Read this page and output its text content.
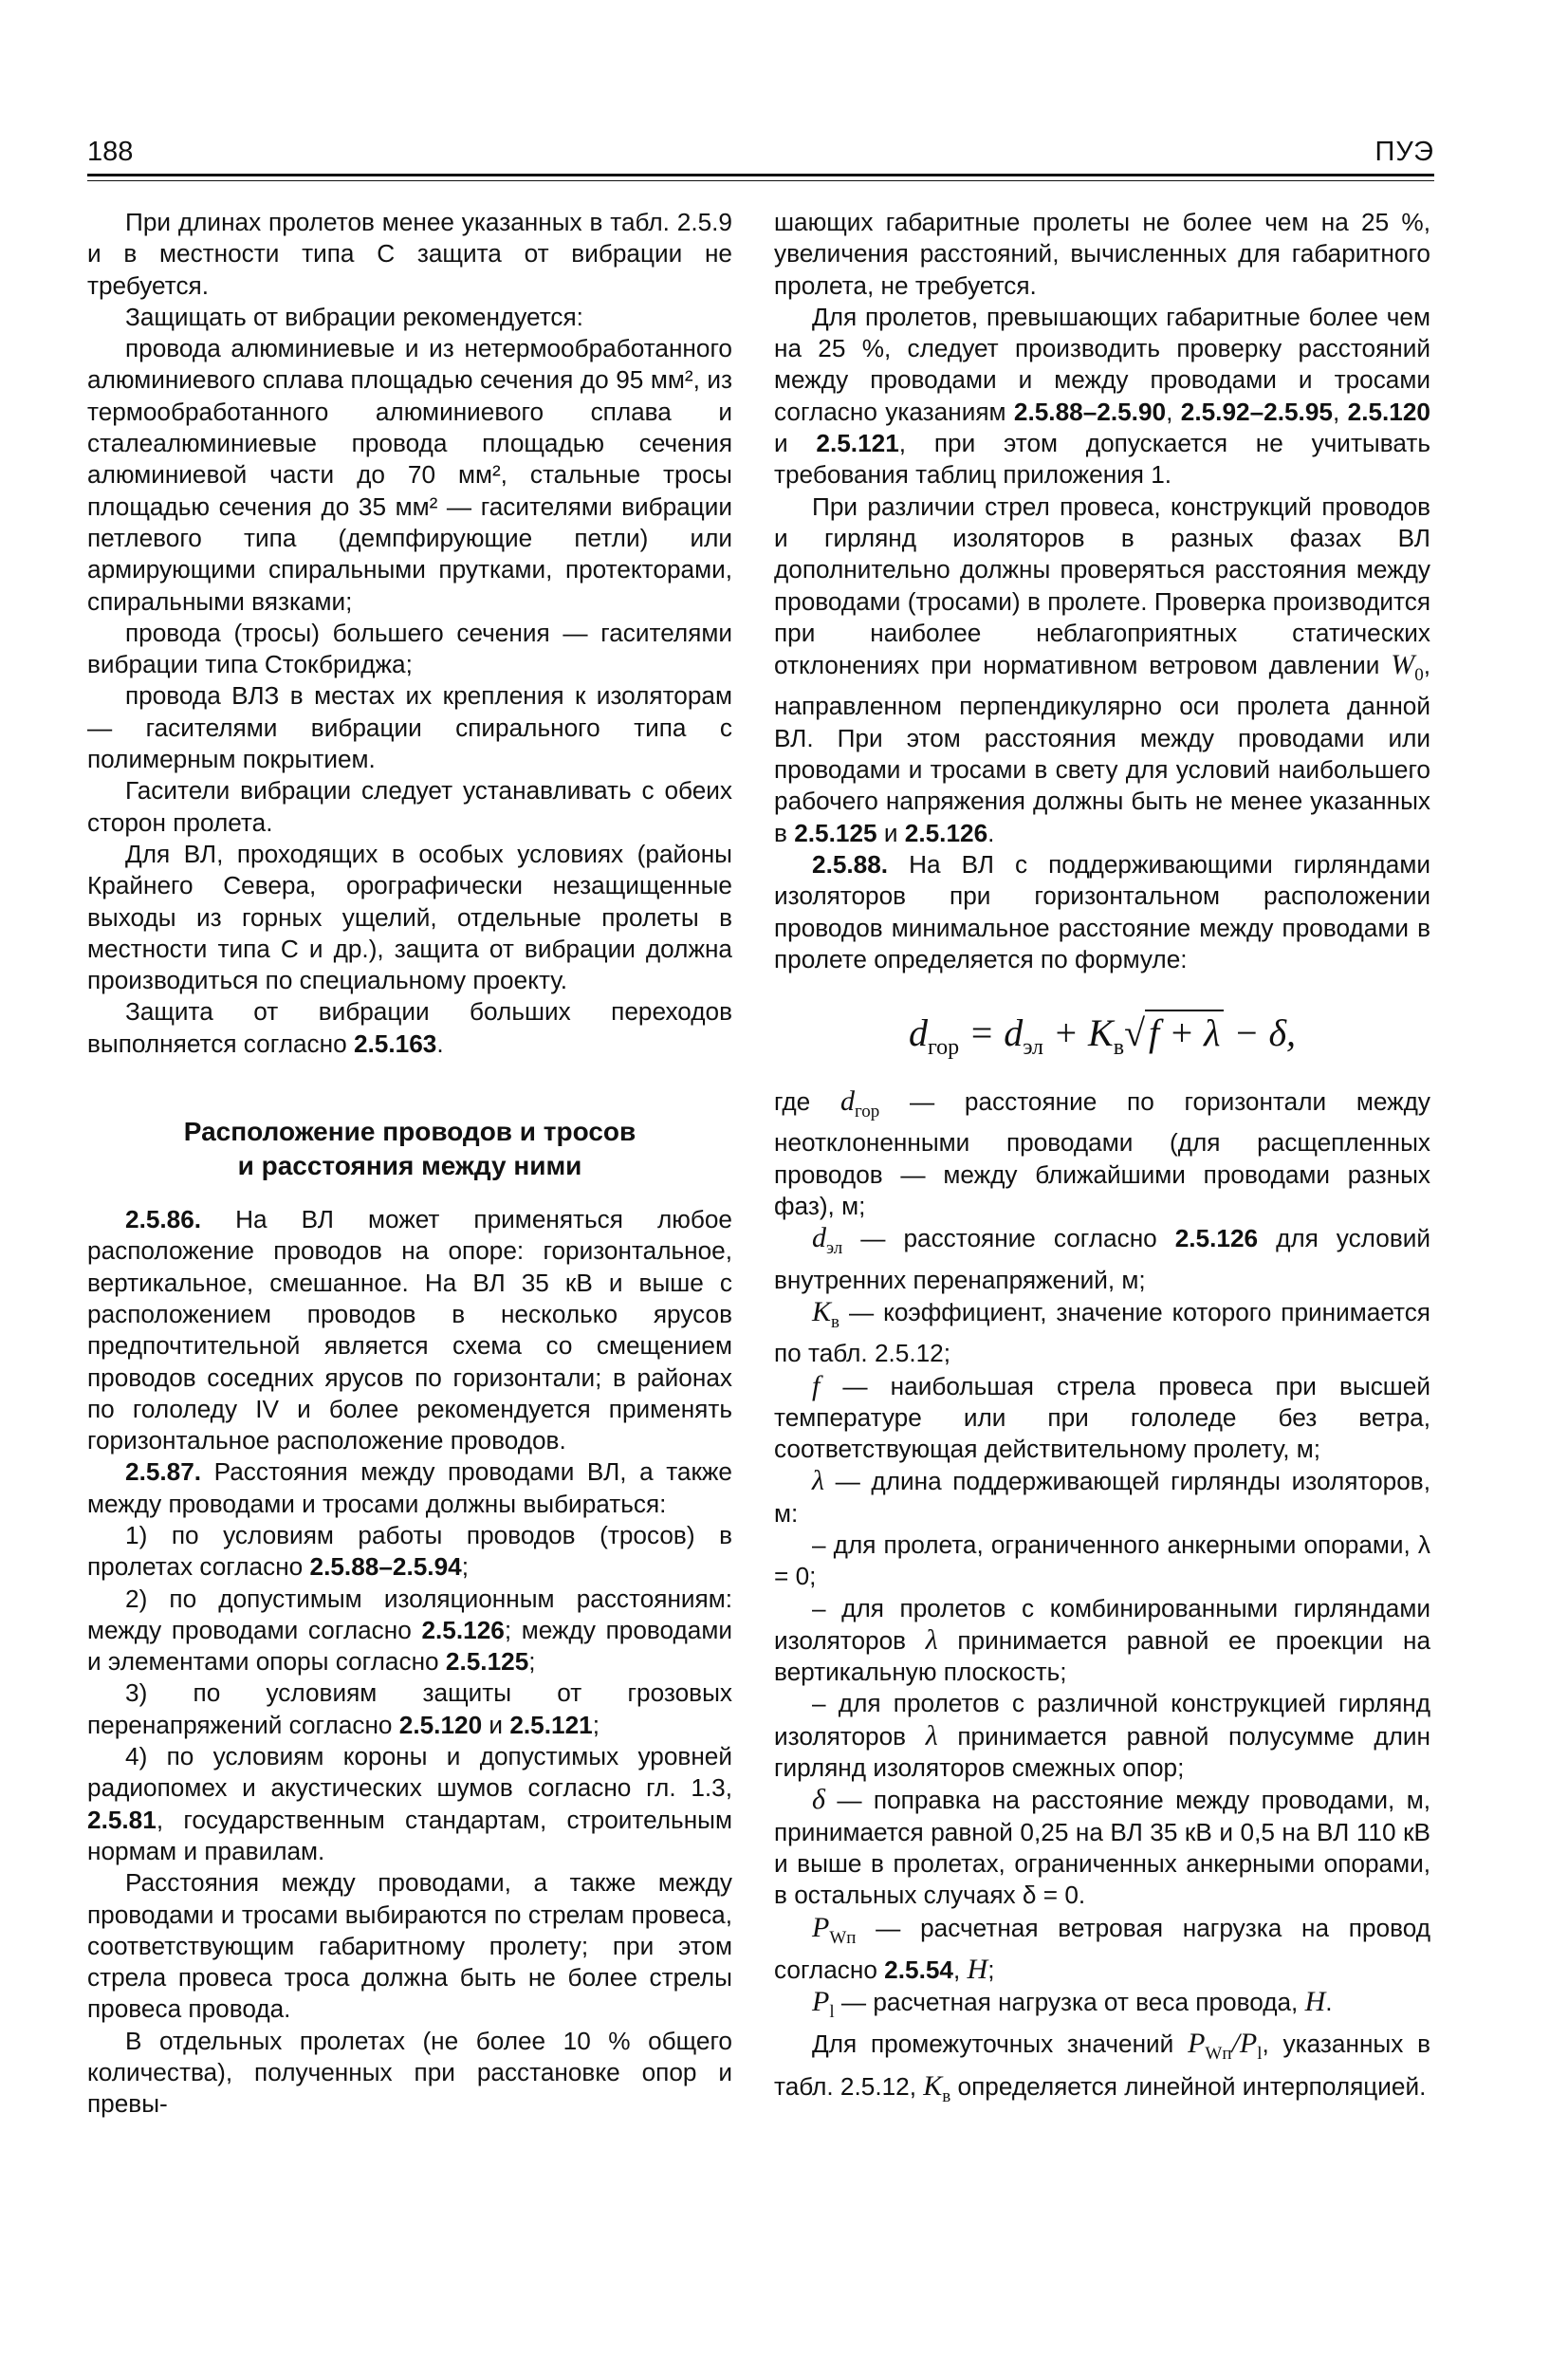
188	ПУЭ

При длинах пролетов менее указанных в табл. 2.5.9 и в местности типа С защита от вибрации не требуется.

Защищать от вибрации рекомендуется:

провода алюминиевые и из нетермообработанного алюминиевого сплава площадью сечения до 95 мм², из термообработанного алюминиевого сплава и сталеалюминиевые провода площадью сечения алюминиевой части до 70 мм², стальные тросы площадью сечения до 35 мм² — гасителями вибрации петлевого типа (демпфирующие петли) или армирующими спиральными прутками, протекторами, спиральными вязками;

провода (тросы) большего сечения — гасителями вибрации типа Стокбриджа;

провода ВЛЗ в местах их крепления к изоляторам — гасителями вибрации спирального типа с полимерным покрытием.

Гасители вибрации следует устанавливать с обеих сторон пролета.

Для ВЛ, проходящих в особых условиях (районы Крайнего Севера, орографически незащищенные выходы из горных ущелий, отдельные пролеты в местности типа С и др.), защита от вибрации должна производиться по специальному проекту.

Защита от вибрации больших переходов выполняется согласно 2.5.163.

Расположение проводов и тросов
и расстояния между ними

2.5.86. На ВЛ может применяться любое расположение проводов на опоре: горизонтальное, вертикальное, смешанное. На ВЛ 35 кВ и выше с расположением проводов в несколько ярусов предпочтительной является схема со смещением проводов соседних ярусов по горизонтали; в районах по гололеду IV и более рекомендуется применять горизонтальное расположение проводов.

2.5.87. Расстояния между проводами ВЛ, а также между проводами и тросами должны выбираться:

1) по условиям работы проводов (тросов) в пролетах согласно 2.5.88–2.5.94;

2) по допустимым изоляционным расстояниям: между проводами согласно 2.5.126; между проводами и элементами опоры согласно 2.5.125;

3) по условиям защиты от грозовых перенапряжений согласно 2.5.120 и 2.5.121;

4) по условиям короны и допустимых уровней радиопомех и акустических шумов согласно гл. 1.3, 2.5.81, государственным стандартам, строительным нормам и правилам.

Расстояния между проводами, а также между проводами и тросами выбираются по стрелам провеса, соответствующим габаритному пролету; при этом стрела провеса троса должна быть не более стрелы провеса провода.

В отдельных пролетах (не более 10 % общего количества), полученных при расстановке опор и превы-

шающих габаритные пролеты не более чем на 25 %, увеличения расстояний, вычисленных для габаритного пролета, не требуется.

Для пролетов, превышающих габаритные более чем на 25 %, следует производить проверку расстояний между проводами и между проводами и тросами согласно указаниям 2.5.88–2.5.90, 2.5.92–2.5.95, 2.5.120 и 2.5.121, при этом допускается не учитывать требования таблиц приложения 1.

При различии стрел провеса, конструкций проводов и гирлянд изоляторов в разных фазах ВЛ дополнительно должны проверяться расстояния между проводами (тросами) в пролете. Проверка производится при наиболее неблагоприятных статических отклонениях при нормативном ветровом давлении $W_0$, направленном перпендикулярно оси пролета данной ВЛ. При этом расстояния между проводами или проводами и тросами в свету для условий наибольшего рабочего напряжения должны быть не менее указанных в 2.5.125 и 2.5.126.

2.5.88. На ВЛ с поддерживающими гирляндами изоляторов при горизонтальном расположении проводов минимальное расстояние между проводами в пролете определяется по формуле:

$d_{гор} = d_{эл} + K_в√$ f + λ − δ,

где $d_{гор}$ — расстояние по горизонтали между неотклоненными проводами (для расщепленных проводов — между ближайшими проводами разных фаз), м;

$d_{эл}$ — расстояние согласно 2.5.126 для условий внутренних перенапряжений, м;

$K_в$ — коэффициент, значение которого принимается по табл. 2.5.12;

f — наибольшая стрела провеса при высшей температуре или при гололеде без ветра, соответствующая действительному пролету, м;

λ — длина поддерживающей гирлянды изоляторов, м:

– для пролета, ограниченного анкерными опорами, λ = 0;

– для пролетов с комбинированными гирляндами изоляторов λ принимается равной ее проекции на вертикальную плоскость;

– для пролетов с различной конструкцией гирлянд изоляторов λ принимается равной полусумме длин гирлянд изоляторов смежных опор;

δ — поправка на расстояние между проводами, м, принимается равной 0,25 на ВЛ 35 кВ и 0,5 на ВЛ 110 кВ и выше в пролетах, ограниченных анкерными опорами, в остальных случаях δ = 0.

$P_{Wп}$ — расчетная ветровая нагрузка на провод согласно 2.5.54, Н;

$P_l$ — расчетная нагрузка от веса провода, Н.

Для промежуточных значений $P_{Wп}/P_l$, указанных в табл. 2.5.12, $K_в$ определяется линейной интерполяцией.
